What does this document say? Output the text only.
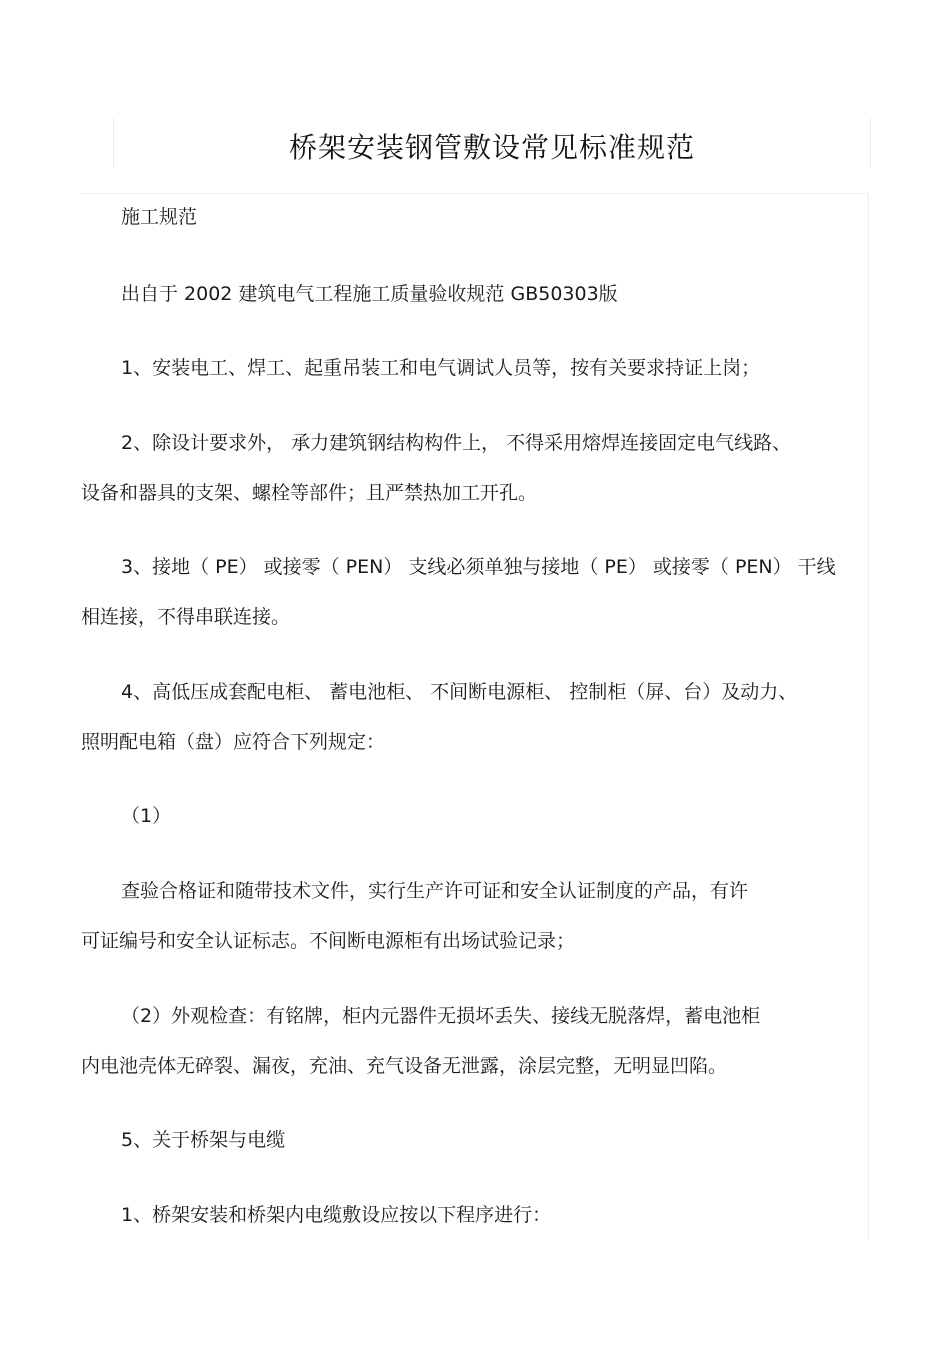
桥架安装钢管敷设常见标准规范
施工规范
出自于 2002 建筑电气工程施工质量验收规范 GB50303版
1、安装电工、焊工、起重吊装工和电气调试人员等，按有关要求持证上岗；
2、除设计要求外， 承力建筑钢结构构件上， 不得采用熔焊连接固定电气线路、
设备和器具的支架、螺栓等部件；且严禁热加工开孔。
3、接地（ PE） 或接零（ PEN） 支线必须单独与接地（ PE） 或接零（ PEN） 干线
相连接，不得串联连接。
4、高低压成套配电柜、 蓄电池柜、 不间断电源柜、 控制柜（屏、台）及动力、
照明配电箱（盘）应符合下列规定：
（1）
查验合格证和随带技术文件，实行生产许可证和安全认证制度的产品，有许
可证编号和安全认证标志。不间断电源柜有出场试验记录；
（2）外观检查：有铭牌，柜内元器件无损坏丢失、接线无脱落焊，蓄电池柜
内电池壳体无碎裂、漏夜，充油、充气设备无泄露，涂层完整，无明显凹陷。
5、关于桥架与电缆
1、桥架安装和桥架内电缆敷设应按以下程序进行：
